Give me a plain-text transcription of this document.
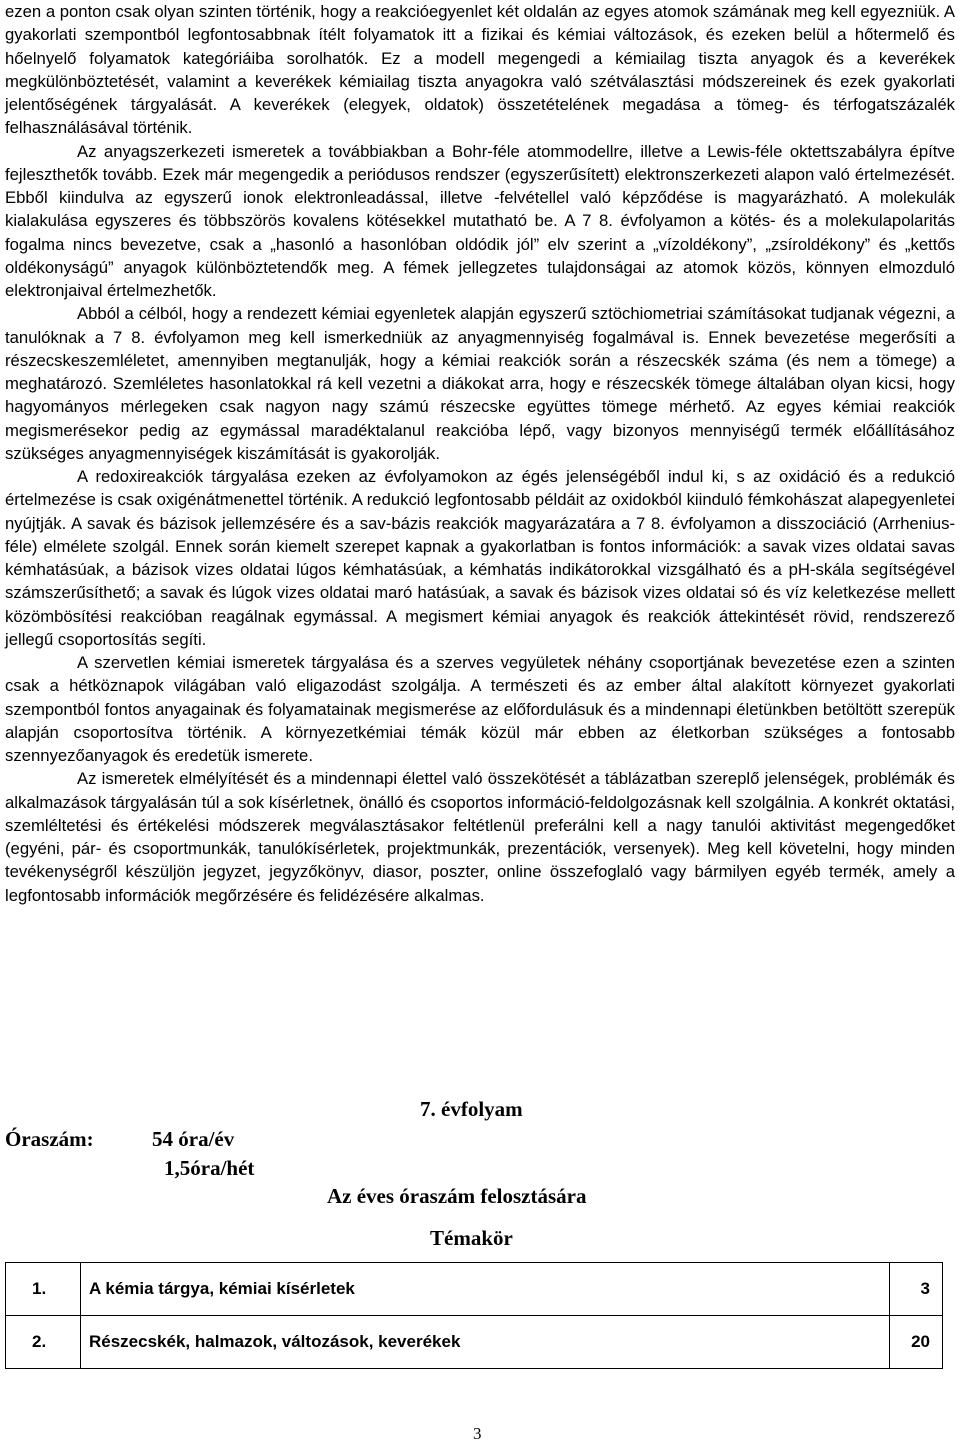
ezen a ponton csak olyan szinten történik, hogy a reakcióegyenlet két oldalán az egyes atomok számának meg kell egyezniük. A gyakorlati szempontból legfontosabbnak ítélt folyamatok itt a fizikai és kémiai változások, és ezeken belül a hőtermelő és hőelnyelő folyamatok kategóriáiba sorolhatók. Ez a modell megengedi a kémiailag tiszta anyagok és a keverékek megkülönböztetését, valamint a keverékek kémiailag tiszta anyagokra való szétválasztási módszereinek és ezek gyakorlati jelentőségének tárgyalását. A keverékek (elegyek, oldatok) összetételének megadása a tömeg- és térfogatszázalék felhasználásával történik.

Az anyagszerkezeti ismeretek a továbbiakban a Bohr-féle atommodellre, illetve a Lewis-féle oktettszabályra építve fejleszthetők tovább. Ezek már megengedik a periódusos rendszer (egyszerűsített) elektronszerkezeti alapon való értelmezését. Ebből kiindulva az egyszerű ionok elektronleadással, illetve -felvétellel való képződése is magyarázható. A molekulák kialakulása egyszeres és többszörös kovalens kötésekkel mutatható be. A 7 8. évfolyamon a kötés- és a molekulapolaritás fogalma nincs bevezetve, csak a „hasonló a hasonlóban oldódik jól” elv szerint a „vízoldékony”, „zsíroldékony” és „kettős oldékonyságú” anyagok különböztetendők meg. A fémek jellegzetes tulajdonságai az atomok közös, könnyen elmozduló elektronjaival értelmezhetők.

Abból a célból, hogy a rendezett kémiai egyenletek alapján egyszerű sztöchiometriai számításokat tudjanak végezni, a tanulóknak a 7 8. évfolyamon meg kell ismerkedniük az anyagmennyiség fogalmával is. Ennek bevezetése megerősíti a részecskeszemléletet, amennyiben megtanulják, hogy a kémiai reakciók során a részecskék száma (és nem a tömege) a meghatározó. Szemléletes hasonlatokkal rá kell vezetni a diákokat arra, hogy e részecskék tömege általában olyan kicsi, hogy hagyományos mérlegeken csak nagyon nagy számú részecske együttes tömege mérhető. Az egyes kémiai reakciók megismerésekor pedig az egymással maradéktalanul reakcióba lépő, vagy bizonyos mennyiségű termék előállításához szükséges anyagmennyiségek kiszámítását is gyakorolják.

A redoxireakciók tárgyalása ezeken az évfolyamokon az égés jelenségéből indul ki, s az oxidáció és a redukció értelmezése is csak oxigénátmenettel történik. A redukció legfontosabb példáit az oxidokból kiinduló fémkohászat alapegyenletei nyújtják. A savak és bázisok jellemzésére és a sav-bázis reakciók magyarázatára a 7 8. évfolyamon a disszociáció (Arrhenius-féle) elmélete szolgál. Ennek során kiemelt szerepet kapnak a gyakorlatban is fontos információk: a savak vizes oldatai savas kémhatásúak, a bázisok vizes oldatai lúgos kémhatásúak, a kémhatás indikátorokkal vizsgálható és a pH-skála segítségével számszerűsíthető; a savak és lúgok vizes oldatai maró hatásúak, a savak és bázisok vizes oldatai só és víz keletkezése mellett közömbösítési reakcióban reagálnak egymással. A megismert kémiai anyagok és reakciók áttekintését rövid, rendszerező jellegű csoportosítás segíti.

A szervetlen kémiai ismeretek tárgyalása és a szerves vegyületek néhány csoportjának bevezetése ezen a szinten csak a hétköznapok világában való eligazodást szolgálja. A természeti és az ember által alakított környezet gyakorlati szempontból fontos anyagainak és folyamatainak megismerése az előfordulásuk és a mindennapi életünkben betöltött szerepük alapján csoportosítva történik. A környezetkémiai témák közül már ebben az életkorban szükséges a fontosabb szennyezőanyagok és eredetük ismerete.

Az ismeretek elmélyítését és a mindennapi élettel való összekötését a táblázatban szereplő jelenségek, problémák és alkalmazások tárgyalásán túl a sok kísérletnek, önálló és csoportos információ-feldolgozásnak kell szolgálnia. A konkrét oktatási, szemléltetési és értékelési módszerek megválasztásakor feltétlenül preferálni kell a nagy tanulói aktivitást megengedőket (egyéni, pár- és csoportmunkák, tanulókísérletek, projektmunkák, prezentációk, versenyek). Meg kell követelni, hogy minden tevékenységről készüljön jegyzet, jegyzőkönyv, diasor, poszter, online összefoglaló vagy bármilyen egyéb termék, amely a legfontosabb információk megőrzésére és felidézésére alkalmas.

7. évfolyam
Óraszám:	54 óra/év
1,5óra/hét
Az éves óraszám felosztására
Témakör
1.	A kémia tárgya, kémiai kísérletek	3
2.	Részecskék, halmazok, változások, keverékek	20
3
